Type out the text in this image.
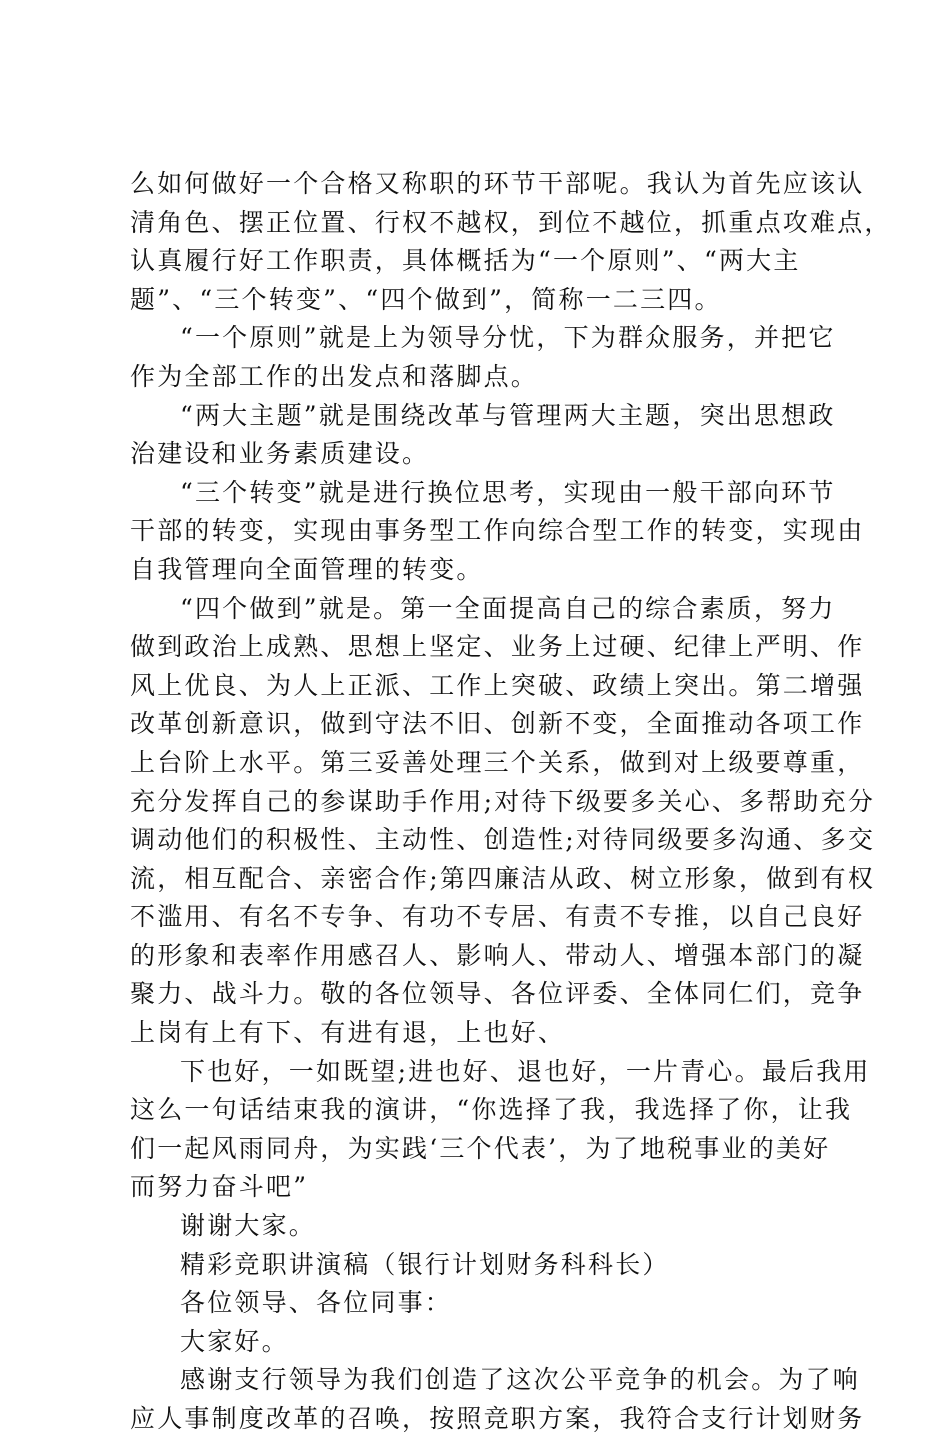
么如何做好一个合格又称职的环节干部呢。我认为首先应该认
清角色、摆正位置、行权不越权，到位不越位，抓重点攻难点，
认真履行好工作职责，具体概括为“一个原则”、“两大主
题”、“三个转变”、“四个做到”，简称一二三四。
“一个原则”就是上为领导分忧，下为群众服务，并把它
作为全部工作的出发点和落脚点。
“两大主题”就是围绕改革与管理两大主题，突出思想政
治建设和业务素质建设。
“三个转变”就是进行换位思考，实现由一般干部向环节
干部的转变，实现由事务型工作向综合型工作的转变，实现由
自我管理向全面管理的转变。
“四个做到”就是。第一全面提高自己的综合素质，努力
做到政治上成熟、思想上坚定、业务上过硬、纪律上严明、作
风上优良、为人上正派、工作上突破、政绩上突出。第二增强
改革创新意识，做到守法不旧、创新不变，全面推动各项工作
上台阶上水平。第三妥善处理三个关系，做到对上级要尊重，
充分发挥自己的参谋助手作用;对待下级要多关心、多帮助充分
调动他们的积极性、主动性、创造性;对待同级要多沟通、多交
流，相互配合、亲密合作;第四廉洁从政、树立形象，做到有权
不滥用、有名不专争、有功不专居、有责不专推，以自己良好
的形象和表率作用感召人、影响人、带动人、增强本部门的凝
聚力、战斗力。敬的各位领导、各位评委、全体同仁们，竞争
上岗有上有下、有进有退，上也好、
下也好，一如既望;进也好、退也好，一片青心。最后我用
这么一句话结束我的演讲，“你选择了我，我选择了你，让我
们一起风雨同舟，为实践‘三个代表’，为了地税事业的美好
而努力奋斗吧”
谢谢大家。
精彩竞职讲演稿（银行计划财务科科长）
各位领导、各位同事：
大家好。
感谢支行领导为我们创造了这次公平竞争的机会。为了响
应人事制度改革的召唤，按照竞职方案，我符合支行计划财务
